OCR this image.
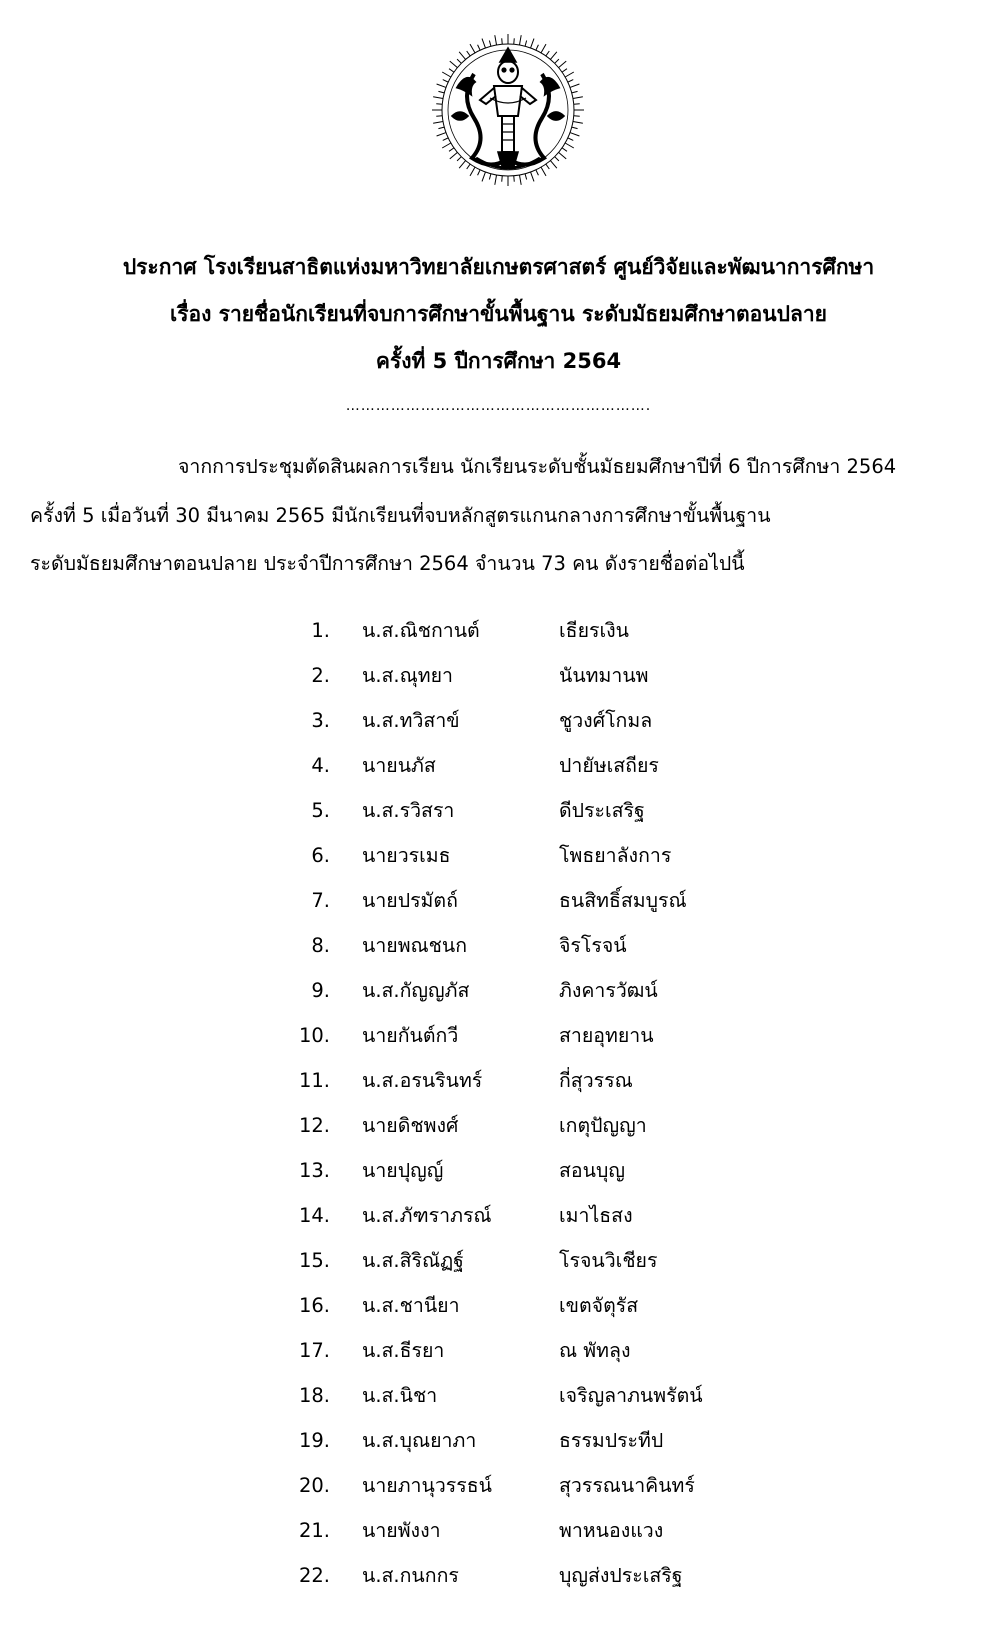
ประกาศ โรงเรียนสาธิตแห่งมหาวิทยาลัยเกษตรศาสตร์ ศูนย์วิจัยและพัฒนาการศึกษา
เรื่อง รายชื่อนักเรียนที่จบการศึกษาขั้นพื้นฐาน ระดับมัธยมศึกษาตอนปลาย
ครั้งที่ 5 ปีการศึกษา 2564
…………………………………………………….
จากการประชุมตัดสินผลการเรียน นักเรียนระดับชั้นมัธยมศึกษาปีที่ 6 ปีการศึกษา 2564
ครั้งที่ 5 เมื่อวันที่ 30 มีนาคม 2565 มีนักเรียนที่จบหลักสูตรแกนกลางการศึกษาขั้นพื้นฐาน
ระดับมัธยมศึกษาตอนปลาย ประจำปีการศึกษา 2564 จำนวน 73 คน ดังรายชื่อต่อไปนี้
1. น.ส.ณิชกานต์	เธียรเงิน
2. น.ส.ณุทยา	นันทมานพ
3. น.ส.ทวิสาข์	ชูวงศ์โกมล
4. นายนภัส	ปายัษเสถียร
5. น.ส.รวิสรา	ดีประเสริฐ
6. นายวรเมธ	โพธยาลังการ
7. นายปรมัตถ์	ธนสิทธิ์สมบูรณ์
8. นายพณชนก	จิรโรจน์
9. น.ส.กัญญภัส	ภิงคารวัฒน์
10. นายกันต์กวี	สายอุทยาน
11. น.ส.อรนรินทร์	กี่สุวรรณ
12. นายดิชพงศ์	เกตุปัญญา
13. นายปุญญ์	สอนบุญ
14. น.ส.ภัฑราภรณ์	เมาไธสง
15. น.ส.สิริณัฏฐ์	โรจนวิเชียร
16. น.ส.ชานียา	เขตจัตุรัส
17. น.ส.ธีรยา	ณ พัทลุง
18. น.ส.นิชา	เจริญลาภนพรัตน์
19. น.ส.บุณยาภา	ธรรมประทีป
20. นายภานุวรรธน์	สุวรรณนาคินทร์
21. นายพังงา	พาหนองแวง
22. น.ส.กนกกร	บุญส่งประเสริฐ
